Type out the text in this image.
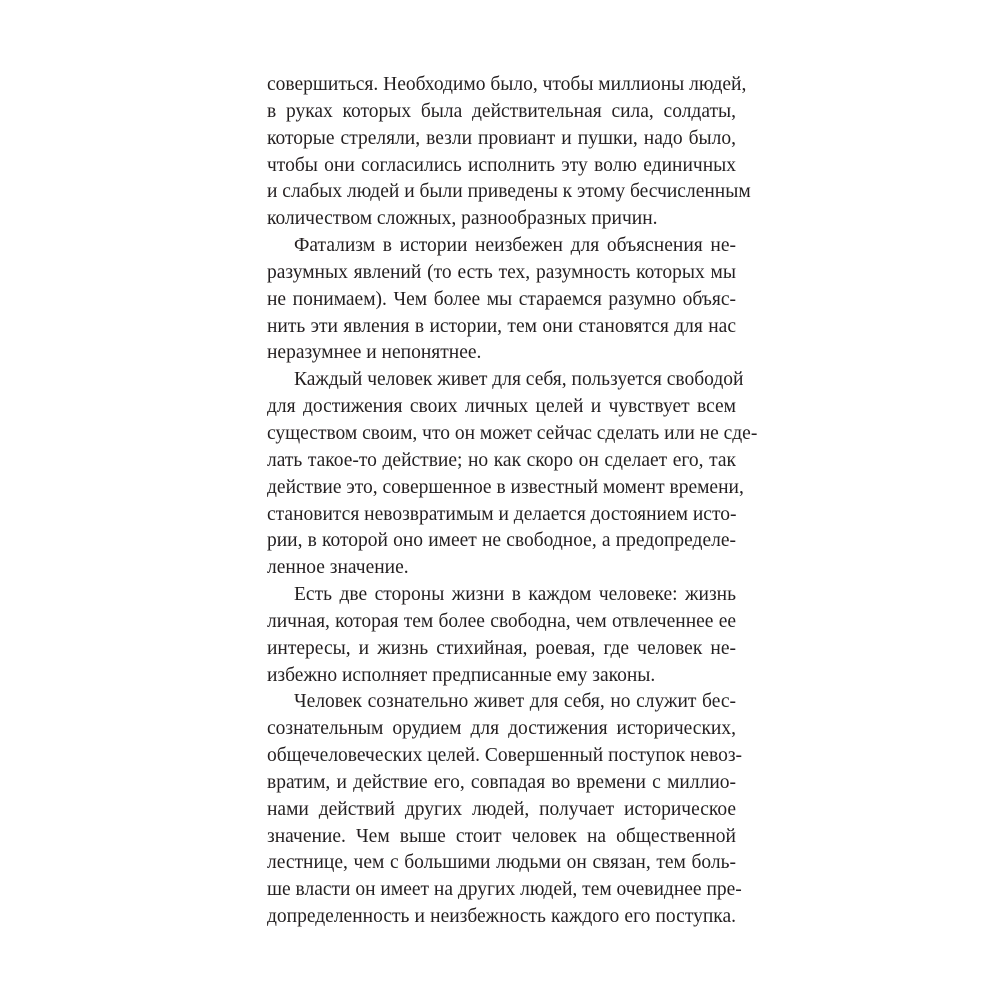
совершиться. Необходимо было, чтобы миллионы людей,
в руках которых была действительная сила, солдаты,
которые стреляли, везли провиант и пушки, надо было,
чтобы они согласились исполнить эту волю единичных
и слабых людей и были приведены к этому бесчисленным
количеством сложных, разнообразных причин.
Фатализм в истории неизбежен для объяснения не-
разумных явлений (то есть тех, разумность которых мы
не понимаем). Чем более мы стараемся разумно объяс-
нить эти явления в истории, тем они становятся для нас
неразумнее и непонятнее.
Каждый человек живет для себя, пользуется свободой
для достижения своих личных целей и чувствует всем
существом своим, что он может сейчас сделать или не сде-
лать такое-то действие; но как скоро он сделает его, так
действие это, совершенное в известный момент времени,
становится невозвратимым и делается достоянием исто-
рии, в которой оно имеет не свободное, а предопределе-
ленное значение.
Есть две стороны жизни в каждом человеке: жизнь
личная, которая тем более свободна, чем отвлеченнее ее
интересы, и жизнь стихийная, роевая, где человек не-
избежно исполняет предписанные ему законы.
Человек сознательно живет для себя, но служит бес-
сознательным орудием для достижения исторических,
общечеловеческих целей. Совершенный поступок невоз-
вратим, и действие его, совпадая во времени с миллио-
нами действий других людей, получает историческое
значение. Чем выше стоит человек на общественной
лестнице, чем с большими людьми он связан, тем боль-
ше власти он имеет на других людей, тем очевиднее пре-
допределенность и неизбежность каждого его поступка.
